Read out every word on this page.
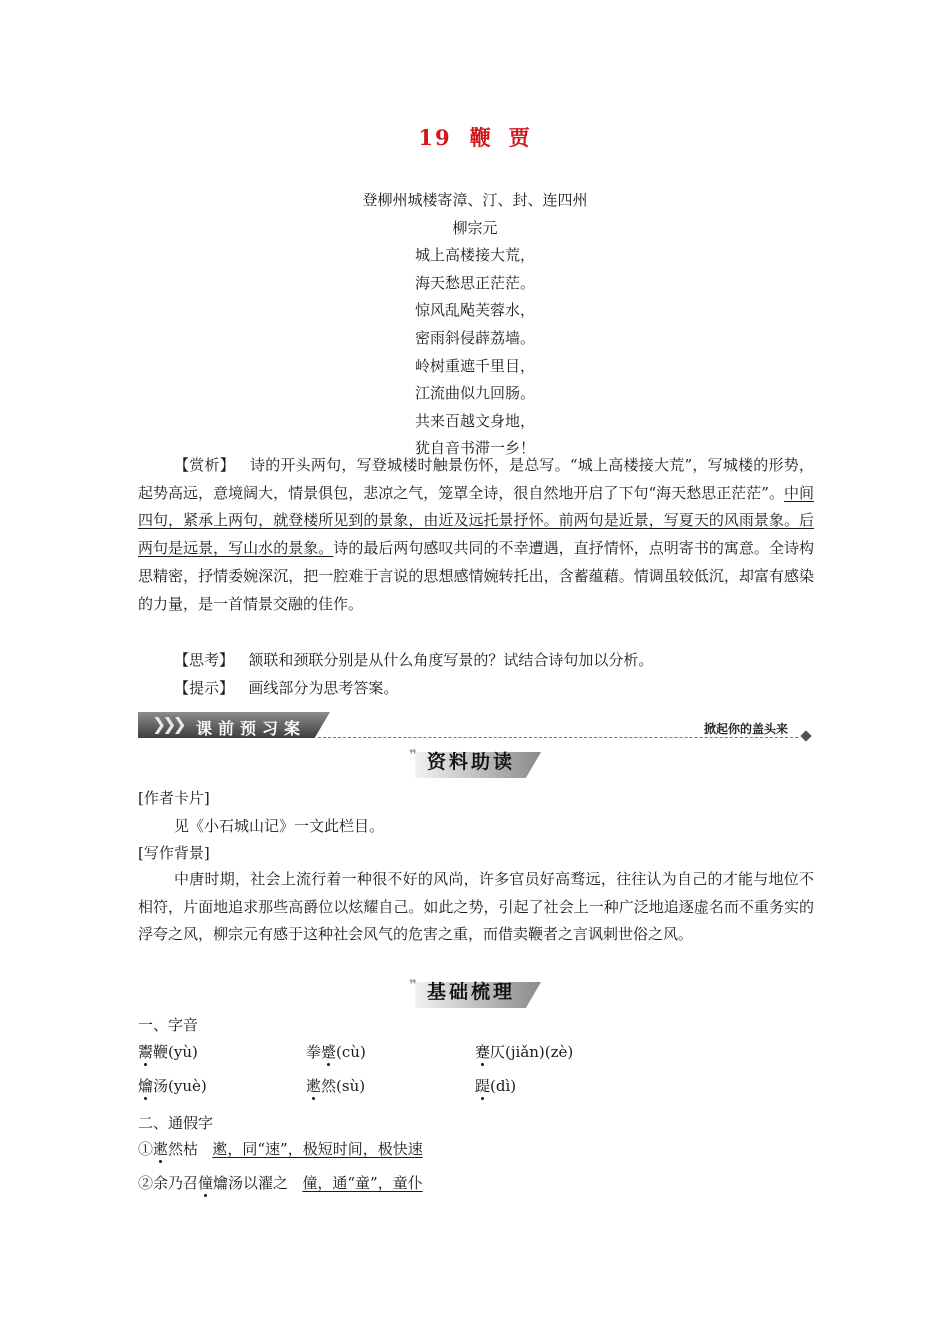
19 鞭 贾
登柳州城楼寄漳、汀、封、连四州
柳宗元
城上高楼接大荒，
海天愁思正茫茫。
惊风乱飐芙蓉水，
密雨斜侵薜荔墙。
岭树重遮千里目，
江流曲似九回肠。
共来百越文身地，
犹自音书滞一乡！
【赏析】 诗的开头两句，写登城楼时触景伤怀，是总写。“城上高楼接大荒”，写城楼的形势，起势高远，意境阔大，情景俱包，悲凉之气，笼罩全诗，很自然地开启了下句“海天愁思正茫茫”。中间四句，紧承上两句，就登楼所见到的景象，由近及远托景抒怀。前两句是近景，写夏天的风雨景象。后两句是远景，写山水的景象。诗的最后两句感叹共同的不幸遭遇，直抒情怀，点明寄书的寓意。全诗构思精密，抒情委婉深沉，把一腔难于言说的思想感情婉转托出，含蓄蕴藉。情调虽较低沉，却富有感染的力量，是一首情景交融的佳作。
【思考】 颔联和颈联分别是从什么角度写景的？试结合诗句加以分析。
【提示】 画线部分为思考答案。
❯❯❯ 课前预习案	掀起你的盖头来
❞ 资料助读
[作者卡片]
见《小石城山记》一文此栏目。
[写作背景]
中唐时期，社会上流行着一种很不好的风尚，许多官员好高骛远，往往认为自己的才能与地位不相符，片面地追求那些高爵位以炫耀自己。如此之势，引起了社会上一种广泛地追逐虚名而不重务实的浮夸之风，柳宗元有感于这种社会风气的危害之重，而借卖鞭者之言讽刺世俗之风。
❞ 基础梳理
一、字音
鬻鞭(yù)	拳蹙(cù)	蹇仄(jiǎn)(zè)
爚汤(yuè)	遬然(sù)	踶(dì)
二、通假字
①遬然枯 遬，同“速”，极短时间，极快速
②余乃召僮爚汤以濯之 僮，通“童”，童仆
